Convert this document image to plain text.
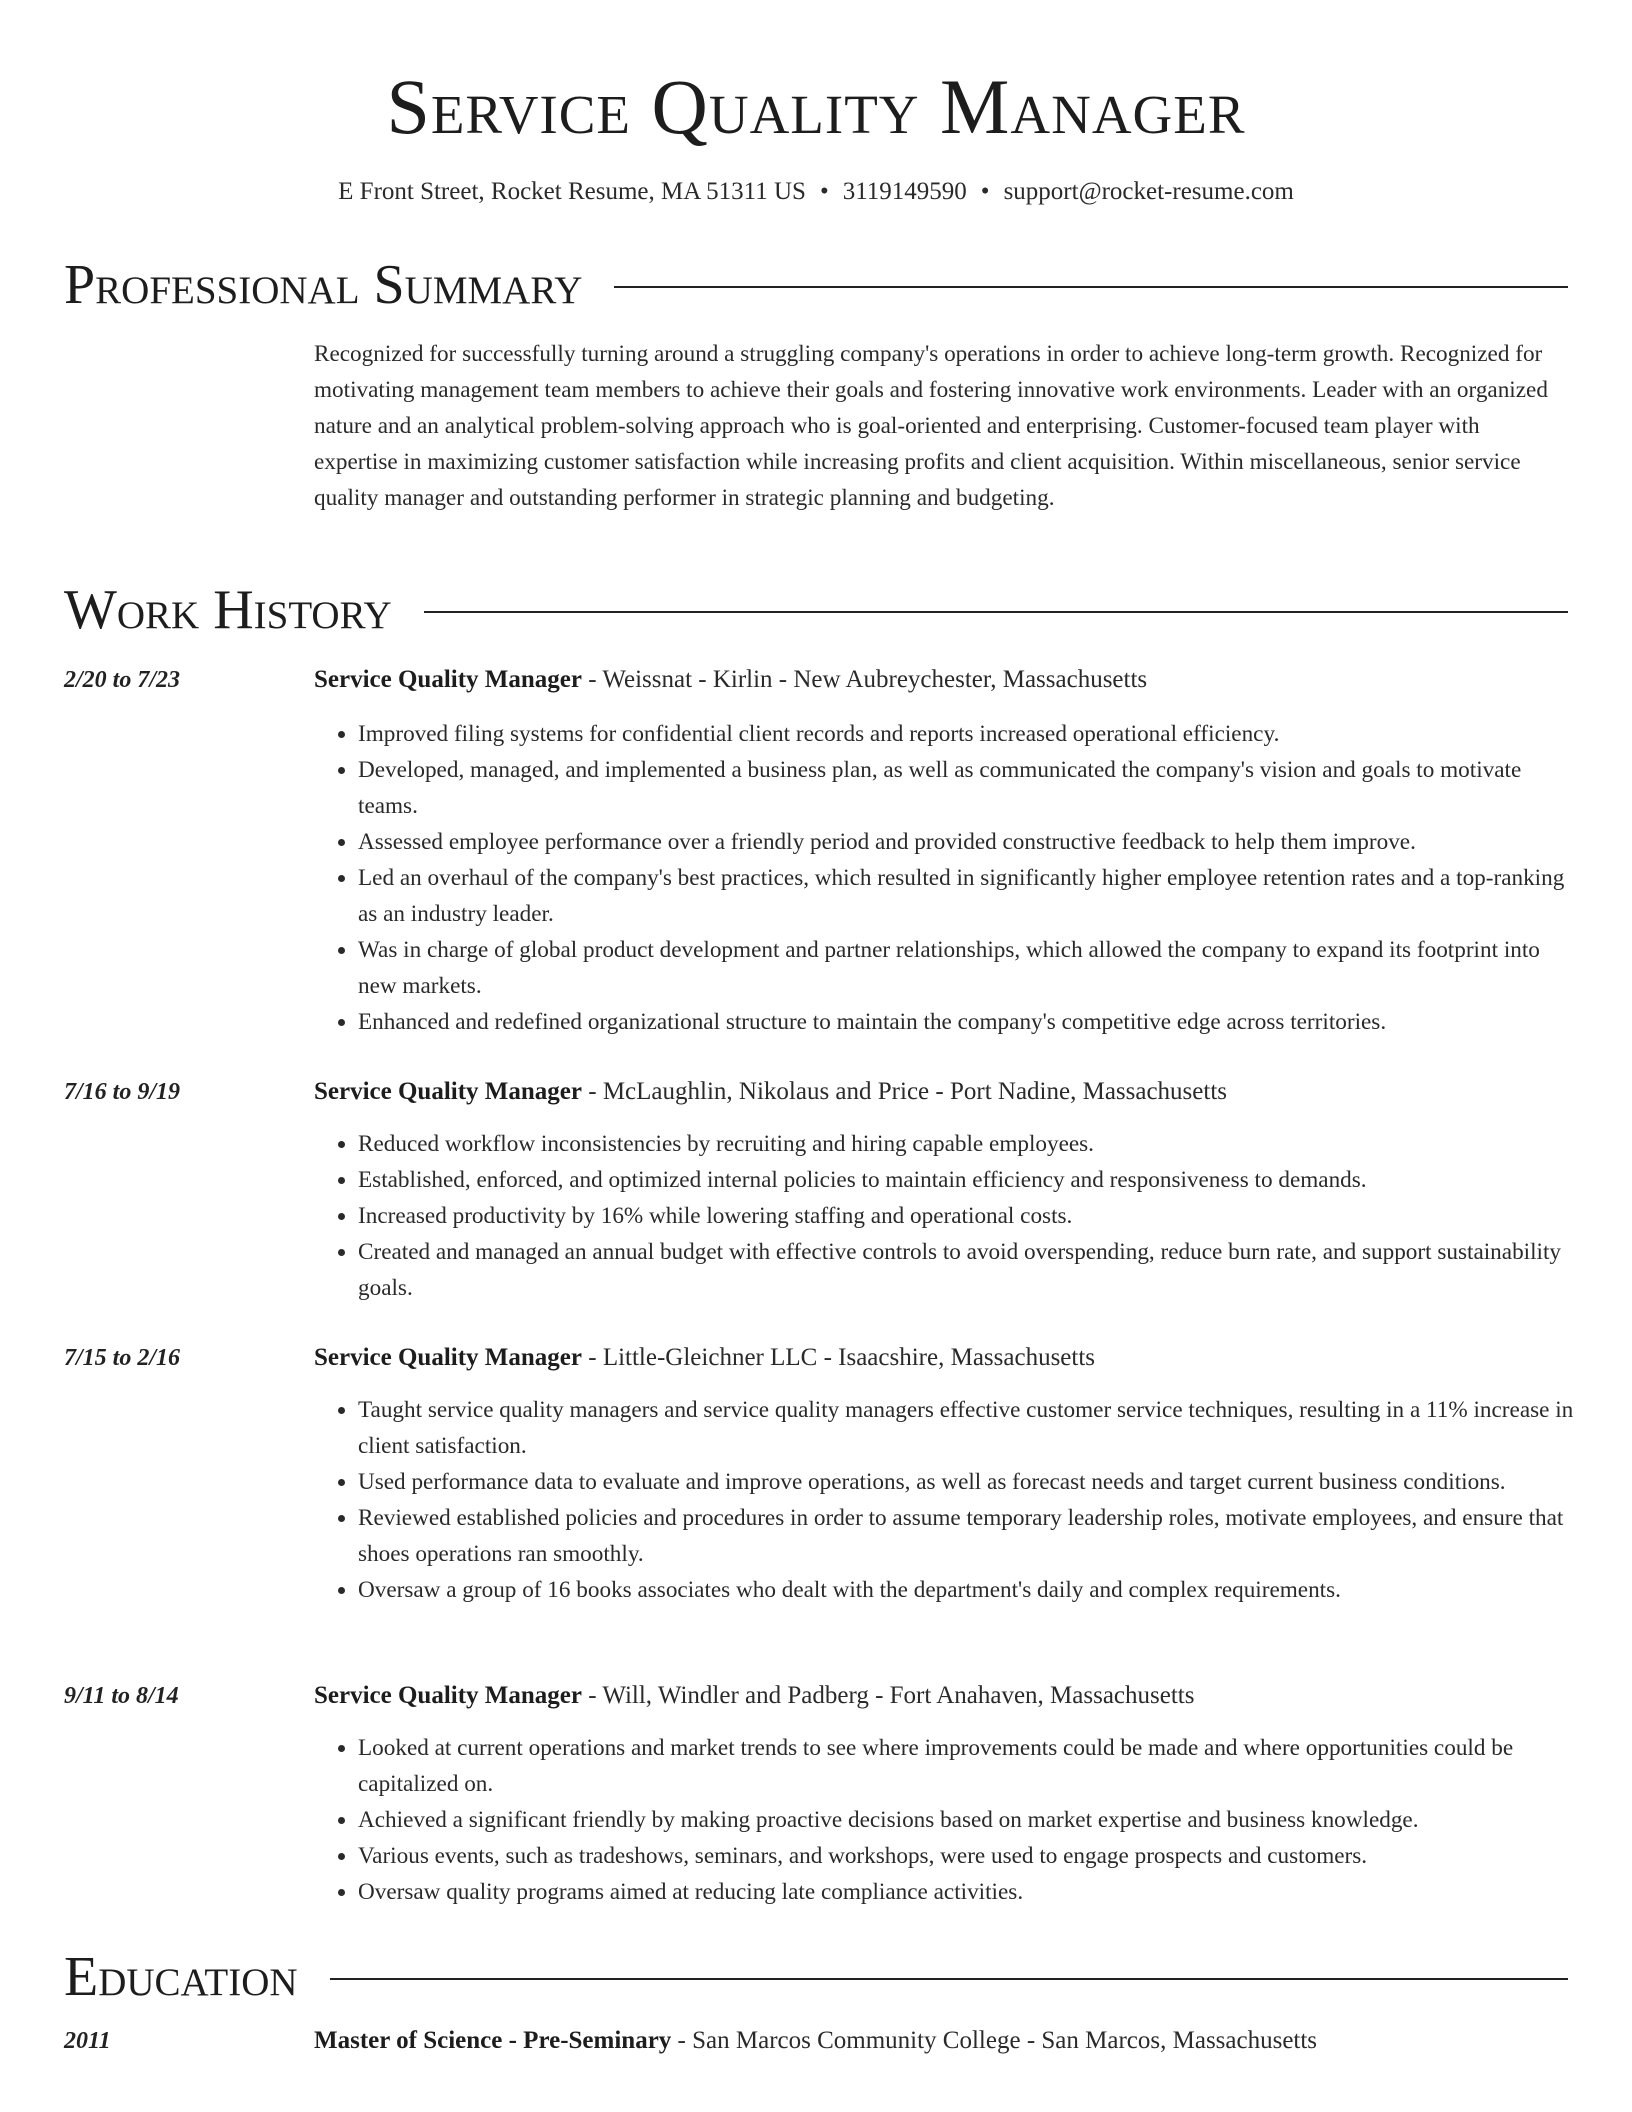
Service Quality Manager
E Front Street, Rocket Resume, MA 51311 US • 3119149590 • support@rocket-resume.com
Professional Summary

Recognized for successfully turning around a struggling company's operations in order to achieve long-term growth. Recognized for motivating management team members to achieve their goals and fostering innovative work environments. Leader with an organized nature and an analytical problem-solving approach who is goal-oriented and enterprising. Customer-focused team player with expertise in maximizing customer satisfaction while increasing profits and client acquisition. Within miscellaneous, senior service quality manager and outstanding performer in strategic planning and budgeting.

Work History
2/20 to 7/23	Service Quality Manager - Weissnat - Kirlin - New Aubreychester, Massachusetts
• Improved filing systems for confidential client records and reports increased operational efficiency.
• Developed, managed, and implemented a business plan, as well as communicated the company's vision and goals to motivate teams.
• Assessed employee performance over a friendly period and provided constructive feedback to help them improve.
• Led an overhaul of the company's best practices, which resulted in significantly higher employee retention rates and a top-ranking as an industry leader.
• Was in charge of global product development and partner relationships, which allowed the company to expand its footprint into new markets.
• Enhanced and redefined organizational structure to maintain the company's competitive edge across territories.
7/16 to 9/19	Service Quality Manager - McLaughlin, Nikolaus and Price - Port Nadine, Massachusetts
• Reduced workflow inconsistencies by recruiting and hiring capable employees.
• Established, enforced, and optimized internal policies to maintain efficiency and responsiveness to demands.
• Increased productivity by 16% while lowering staffing and operational costs.
• Created and managed an annual budget with effective controls to avoid overspending, reduce burn rate, and support sustainability goals.
7/15 to 2/16	Service Quality Manager - Little-Gleichner LLC - Isaacshire, Massachusetts
• Taught service quality managers and service quality managers effective customer service techniques, resulting in a 11% increase in client satisfaction.
• Used performance data to evaluate and improve operations, as well as forecast needs and target current business conditions.
• Reviewed established policies and procedures in order to assume temporary leadership roles, motivate employees, and ensure that shoes operations ran smoothly.
• Oversaw a group of 16 books associates who dealt with the department's daily and complex requirements.
9/11 to 8/14	Service Quality Manager - Will, Windler and Padberg - Fort Anahaven, Massachusetts
• Looked at current operations and market trends to see where improvements could be made and where opportunities could be capitalized on.
• Achieved a significant friendly by making proactive decisions based on market expertise and business knowledge.
• Various events, such as tradeshows, seminars, and workshops, were used to engage prospects and customers.
• Oversaw quality programs aimed at reducing late compliance activities.
Education
2011	Master of Science - Pre-Seminary - San Marcos Community College - San Marcos, Massachusetts
